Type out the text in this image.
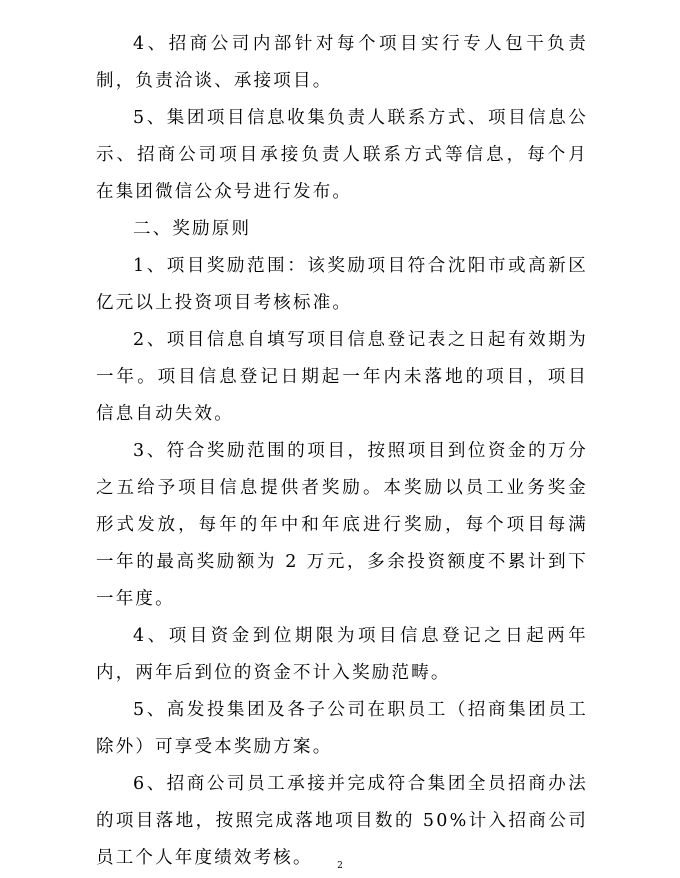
4、招商公司内部针对每个项目实行专人包干负责制，负责洽谈、承接项目。

5、集团项目信息收集负责人联系方式、项目信息公示、招商公司项目承接负责人联系方式等信息，每个月在集团微信公众号进行发布。

二、奖励原则

1、项目奖励范围：该奖励项目符合沈阳市或高新区亿元以上投资项目考核标准。

2、项目信息自填写项目信息登记表之日起有效期为一年。项目信息登记日期起一年内未落地的项目，项目信息自动失效。

3、符合奖励范围的项目，按照项目到位资金的万分之五给予项目信息提供者奖励。本奖励以员工业务奖金形式发放，每年的年中和年底进行奖励，每个项目每满一年的最高奖励额为 2 万元，多余投资额度不累计到下一年度。

4、项目资金到位期限为项目信息登记之日起两年内，两年后到位的资金不计入奖励范畴。

5、高发投集团及各子公司在职员工（招商集团员工除外）可享受本奖励方案。

6、招商公司员工承接并完成符合集团全员招商办法的项目落地，按照完成落地项目数的 50%计入招商公司员工个人年度绩效考核。	2
